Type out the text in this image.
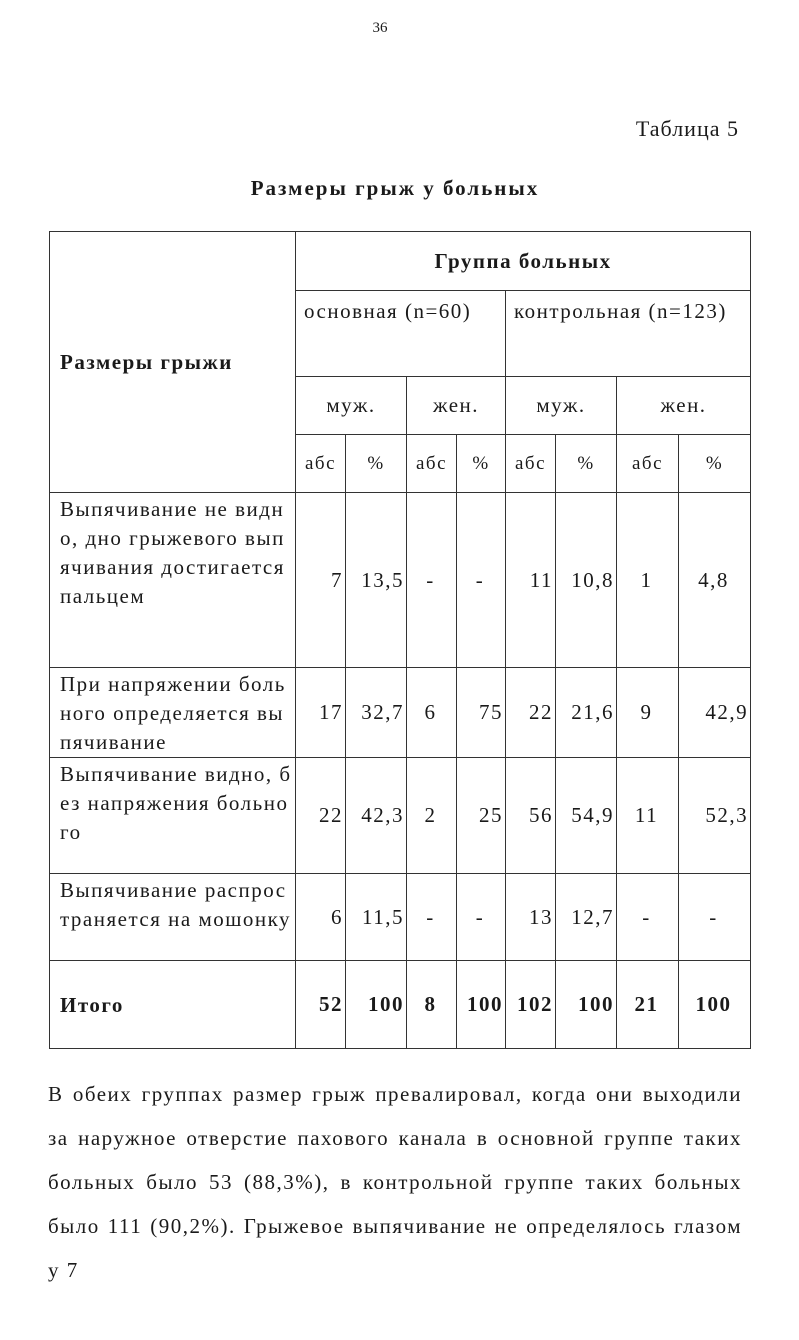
36
Таблица 5
Размеры грыж у больных
Размеры грыжи	Группа больных							
	основная (n=60)				контрольная (n=123)			
	муж.		жен.		муж.		жен.	
	абс	%	абс	%	абс	%	абс	%
Выпячивание не видно, дно грыжевого выпячивания достигается пальцем	7	13,5	-	-	11	10,8	1	4,8
При напряжении больного определяется выпячивание	17	32,7	6	75	22	21,6	9	42,9
Выпячивание видно, без напряжения больного	22	42,3	2	25	56	54,9	11	52,3
Выпячивание распространяется на мошонку	6	11,5	-	-	13	12,7	-	-
Итого	52	100	8	100	102	100	21	100
В обеих группах размер грыж превалировал, когда они выходили за наружное отверстие пахового канала в основной группе таких больных было 53 (88,3%), в контрольной группе таких больных было 111 (90,2%). Грыжевое выпячивание не определялось глазом у 7
